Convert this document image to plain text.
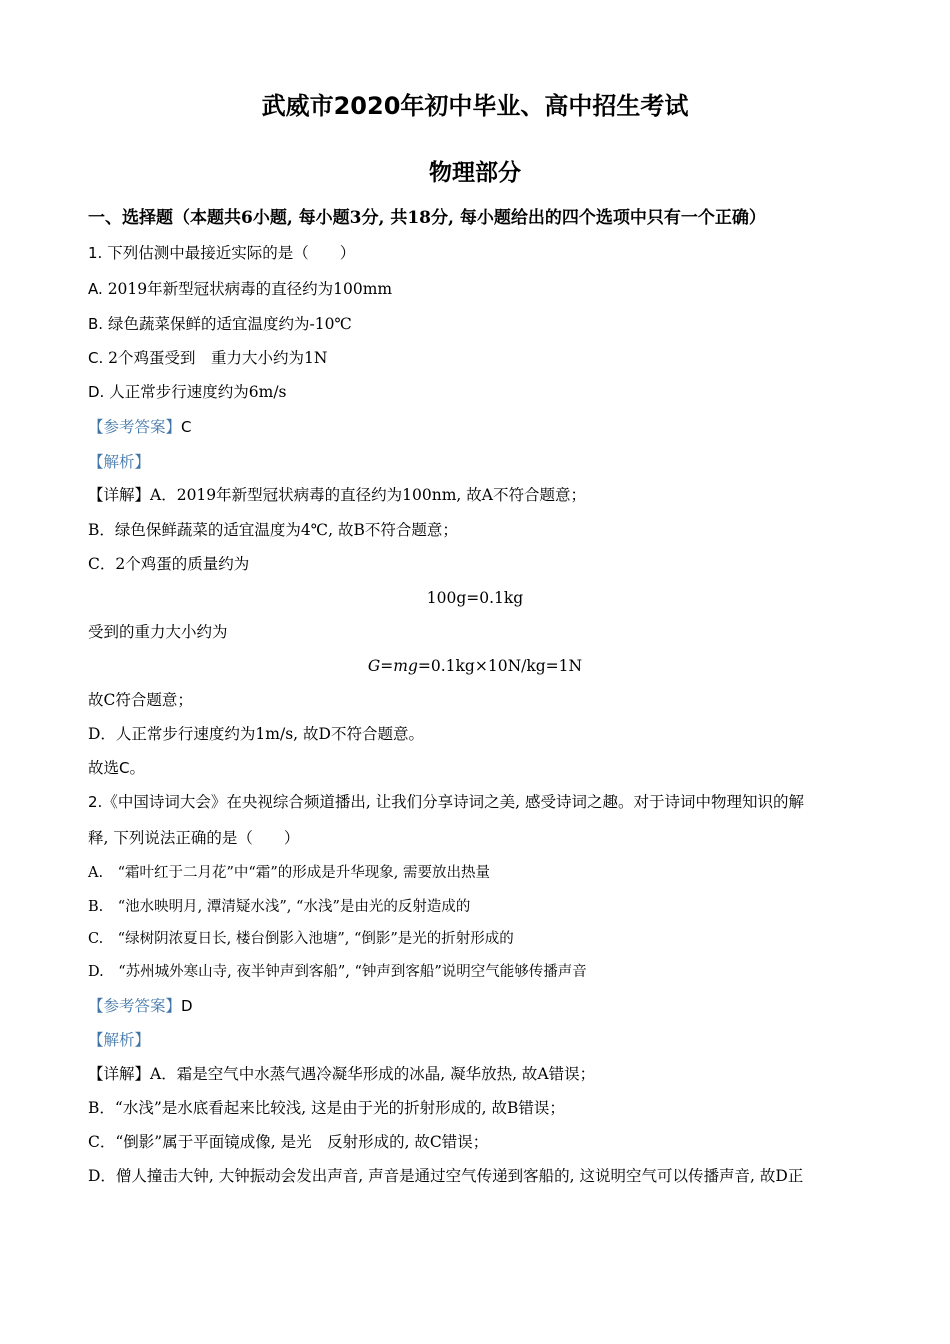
武威市2020年初中毕业、高中招生考试
物理部分
一、选择题（本题共6小题, 每小题3分, 共18分, 每小题给出的四个选项中只有一个正确）
1. 下列估测中最接近实际的是（　　）
A. 2019年新型冠状病毒的直径约为100mm
B. 绿色蔬菜保鲜的适宜温度约为-10℃
C. 2个鸡蛋受到　重力大小约为1N
D. 人正常步行速度约为6m/s
【参考答案】C
【解析】
【详解】A．2019年新型冠状病毒的直径约为100nm, 故A不符合题意；
B．绿色保鲜蔬菜的适宜温度为4℃, 故B不符合题意；
C．2个鸡蛋的质量约为
100g=0.1kg
受到的重力大小约为
G=mg=0.1kg×10N/kg=1N
故C符合题意；
D．人正常步行速度约为1m/s, 故D不符合题意。
故选C。
2.《中国诗词大会》在央视综合频道播出, 让我们分享诗词之美, 感受诗词之趣。对于诗词中物理知识的解
释, 下列说法正确的是（　　）
A.　“霜叶红于二月花”中“霜”的形成是升华现象, 需要放出热量
B.　“池水映明月, 潭清疑水浅”, “水浅”是由光的反射造成的
C.　“绿树阴浓夏日长, 楼台倒影入池塘”, “倒影”是光的折射形成的
D.　“苏州城外寒山寺, 夜半钟声到客船”, “钟声到客船”说明空气能够传播声音
【参考答案】D
【解析】
【详解】A．霜是空气中水蒸气遇冷凝华形成的冰晶, 凝华放热, 故A错误；
B．“水浅”是水底看起来比较浅, 这是由于光的折射形成的, 故B错误；
C．“倒影”属于平面镜成像, 是光　反射形成的, 故C错误；
D．僧人撞击大钟, 大钟振动会发出声音, 声音是通过空气传递到客船的, 这说明空气可以传播声音, 故D正
